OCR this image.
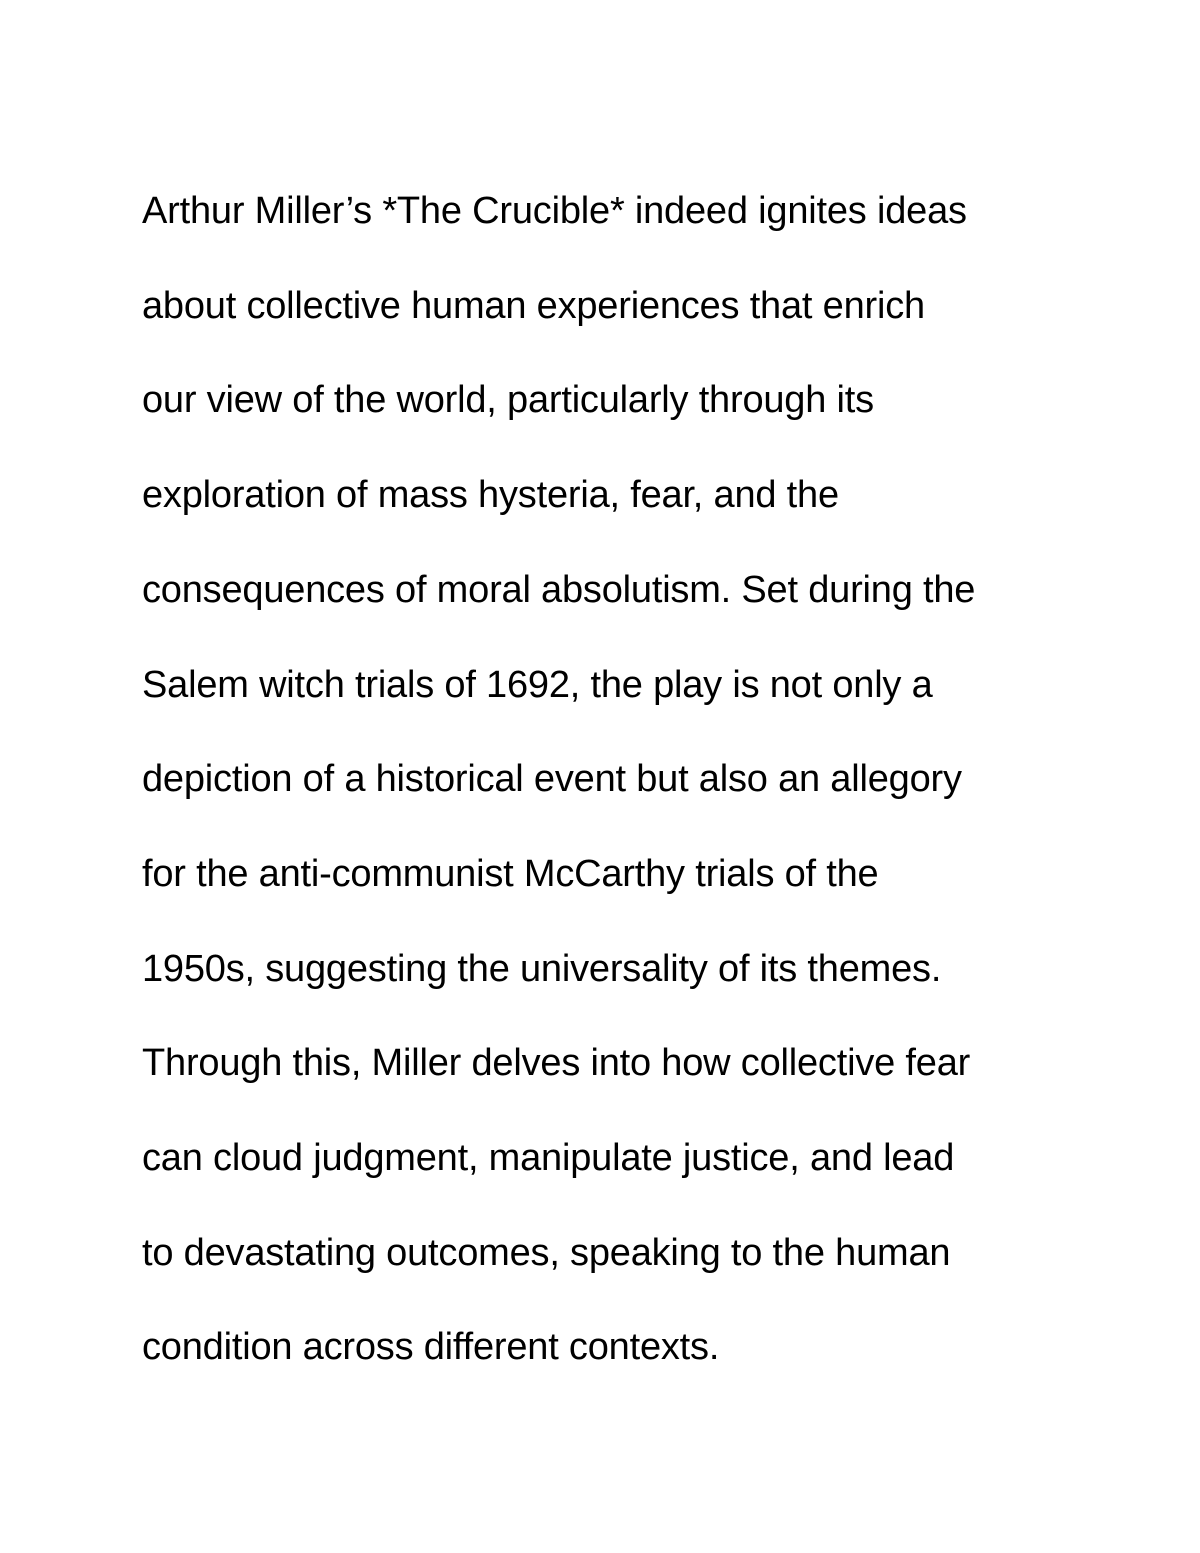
Arthur Miller’s *The Crucible* indeed ignites ideas
about collective human experiences that enrich
our view of the world, particularly through its
exploration of mass hysteria, fear, and the
consequences of moral absolutism. Set during the
Salem witch trials of 1692, the play is not only a
depiction of a historical event but also an allegory
for the anti-communist McCarthy trials of the
1950s, suggesting the universality of its themes.
Through this, Miller delves into how collective fear
can cloud judgment, manipulate justice, and lead
to devastating outcomes, speaking to the human
condition across different contexts.
